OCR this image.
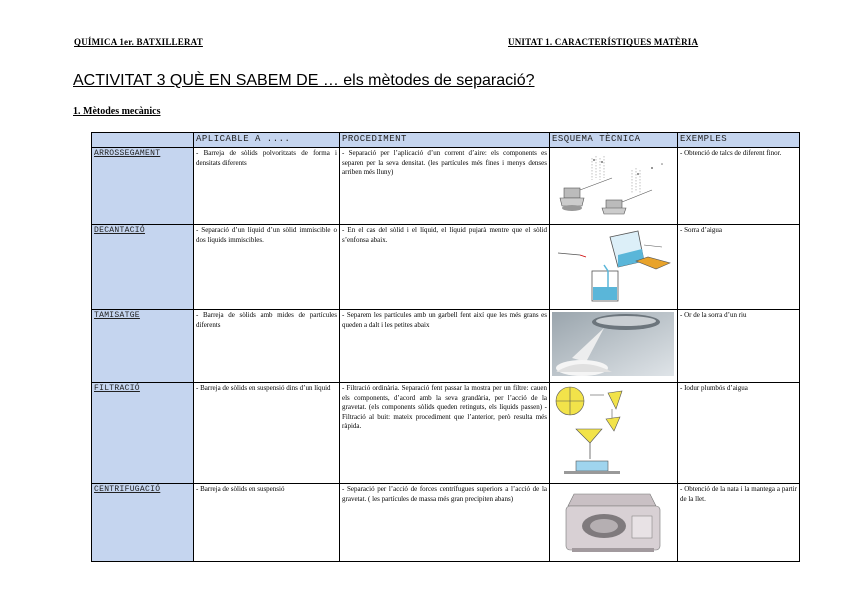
QUÍMICA 1er. BATXILLERAT	UNITAT 1. CARACTERÍSTIQUES MATÈRIA
ACTIVITAT 3 QUÈ EN SABEM DE … els mètodes de separació?
1. Mètodes mecànics
	APLICABLE A ....	PROCEDIMENT	ESQUEMA TÈCNICA	EXEMPLES
ARROSSEGAMENT	- Barreja de sòlids polvoritzats de forma i densitats diferents	- Separació per l’aplicació d’un corrent d’aire: els components es separen per la seva densitat. (les partícules més fines i menys denses arriben més lluny)		- Obtenció de talcs de diferent finor.
DECANTACIÓ	- Separació d’un líquid d’un sòlid immiscible o dos líquids immiscibles.	- En el cas del sòlid i el líquid, el líquid pujarà mentre que el sòlid s’enfonsa abaix.		- Sorra d’aigua
TAMISATGE	- Barreja de sòlids amb mides de partícules diferents	- Separem les partícules amb un garbell fent així que les més grans es queden a dalt i les petites abaix		- Or de la sorra d’un riu
FILTRACIÓ	- Barreja de sòlids en suspensió dins d’un líquid	- Filtració ordinària. Separació fent passar la mostra per un filtre: cauen els components, d’acord amb la seva grandària, per l’acció de la gravetat. (els components sòlids queden retinguts, els líquids passen) - Filtració al buit: mateix procediment que l’anterior, però resulta més ràpida.		- Iodur plumbós d’aigua
CENTRIFUGACIÓ	- Barreja de sòlids en suspensió	- Separació per l’acció de forces centrífugues superiors a l’acció de la gravetat. ( les partícules de massa més gran precipiten abans)		- Obtenció de la nata i la mantega a partir de la llet.
